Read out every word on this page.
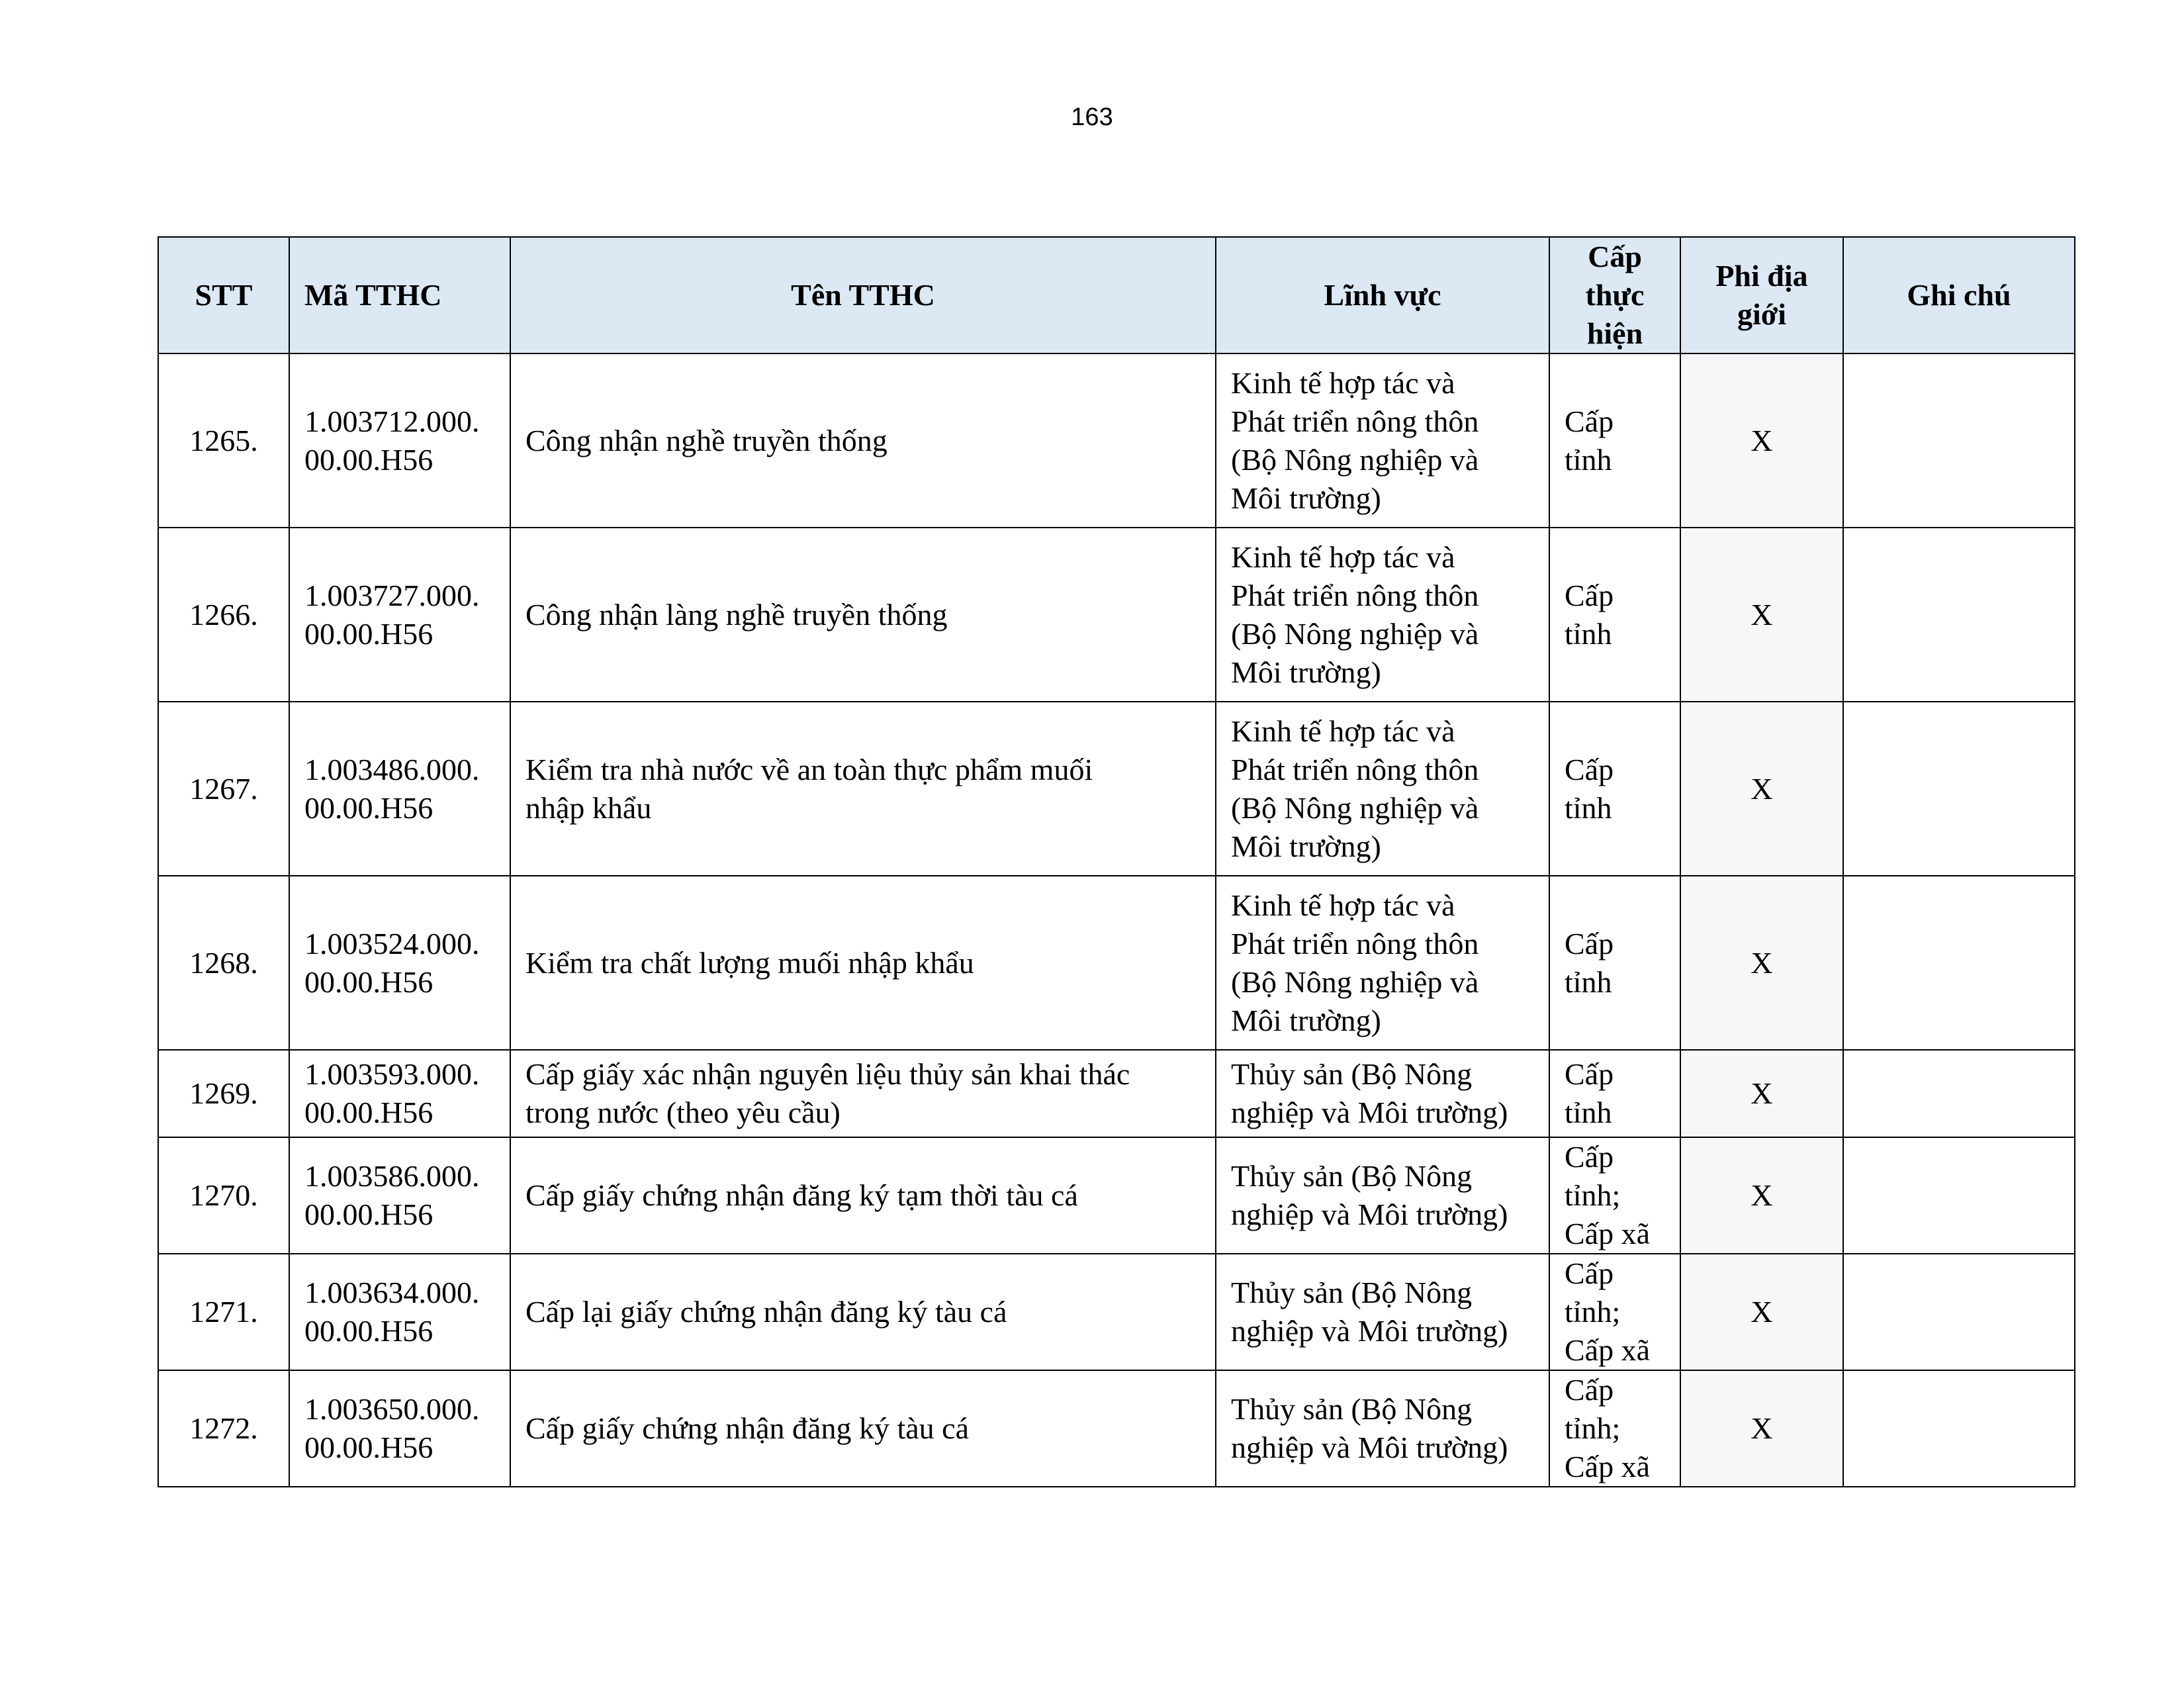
163
STT	Mã TTHC	Tên TTHC	Lĩnh vực	Cấp
thực
hiện	Phi địa
giới	Ghi chú
1265.	1.003712.000.
00.00.H56	Công nhận nghề truyền thống	Kinh tế hợp tác và
Phát triển nông thôn
(Bộ Nông nghiệp và
Môi trường)	Cấp
tỉnh	X	
1266.	1.003727.000.
00.00.H56	Công nhận làng nghề truyền thống	Kinh tế hợp tác và
Phát triển nông thôn
(Bộ Nông nghiệp và
Môi trường)	Cấp
tỉnh	X	
1267.	1.003486.000.
00.00.H56	Kiểm tra nhà nước về an toàn thực phẩm muối
nhập khẩu	Kinh tế hợp tác và
Phát triển nông thôn
(Bộ Nông nghiệp và
Môi trường)	Cấp
tỉnh	X	
1268.	1.003524.000.
00.00.H56	Kiểm tra chất lượng muối nhập khẩu	Kinh tế hợp tác và
Phát triển nông thôn
(Bộ Nông nghiệp và
Môi trường)	Cấp
tỉnh	X	
1269.	1.003593.000.
00.00.H56	Cấp giấy xác nhận nguyên liệu thủy sản khai thác
trong nước (theo yêu cầu)	Thủy sản (Bộ Nông
nghiệp và Môi trường)	Cấp
tỉnh	X	
1270.	1.003586.000.
00.00.H56	Cấp giấy chứng nhận đăng ký tạm thời tàu cá	Thủy sản (Bộ Nông
nghiệp và Môi trường)	Cấp
tỉnh;
Cấp xã	X	
1271.	1.003634.000.
00.00.H56	Cấp lại giấy chứng nhận đăng ký tàu cá	Thủy sản (Bộ Nông
nghiệp và Môi trường)	Cấp
tỉnh;
Cấp xã	X	
1272.	1.003650.000.
00.00.H56	Cấp giấy chứng nhận đăng ký tàu cá	Thủy sản (Bộ Nông
nghiệp và Môi trường)	Cấp
tỉnh;
Cấp xã	X	
